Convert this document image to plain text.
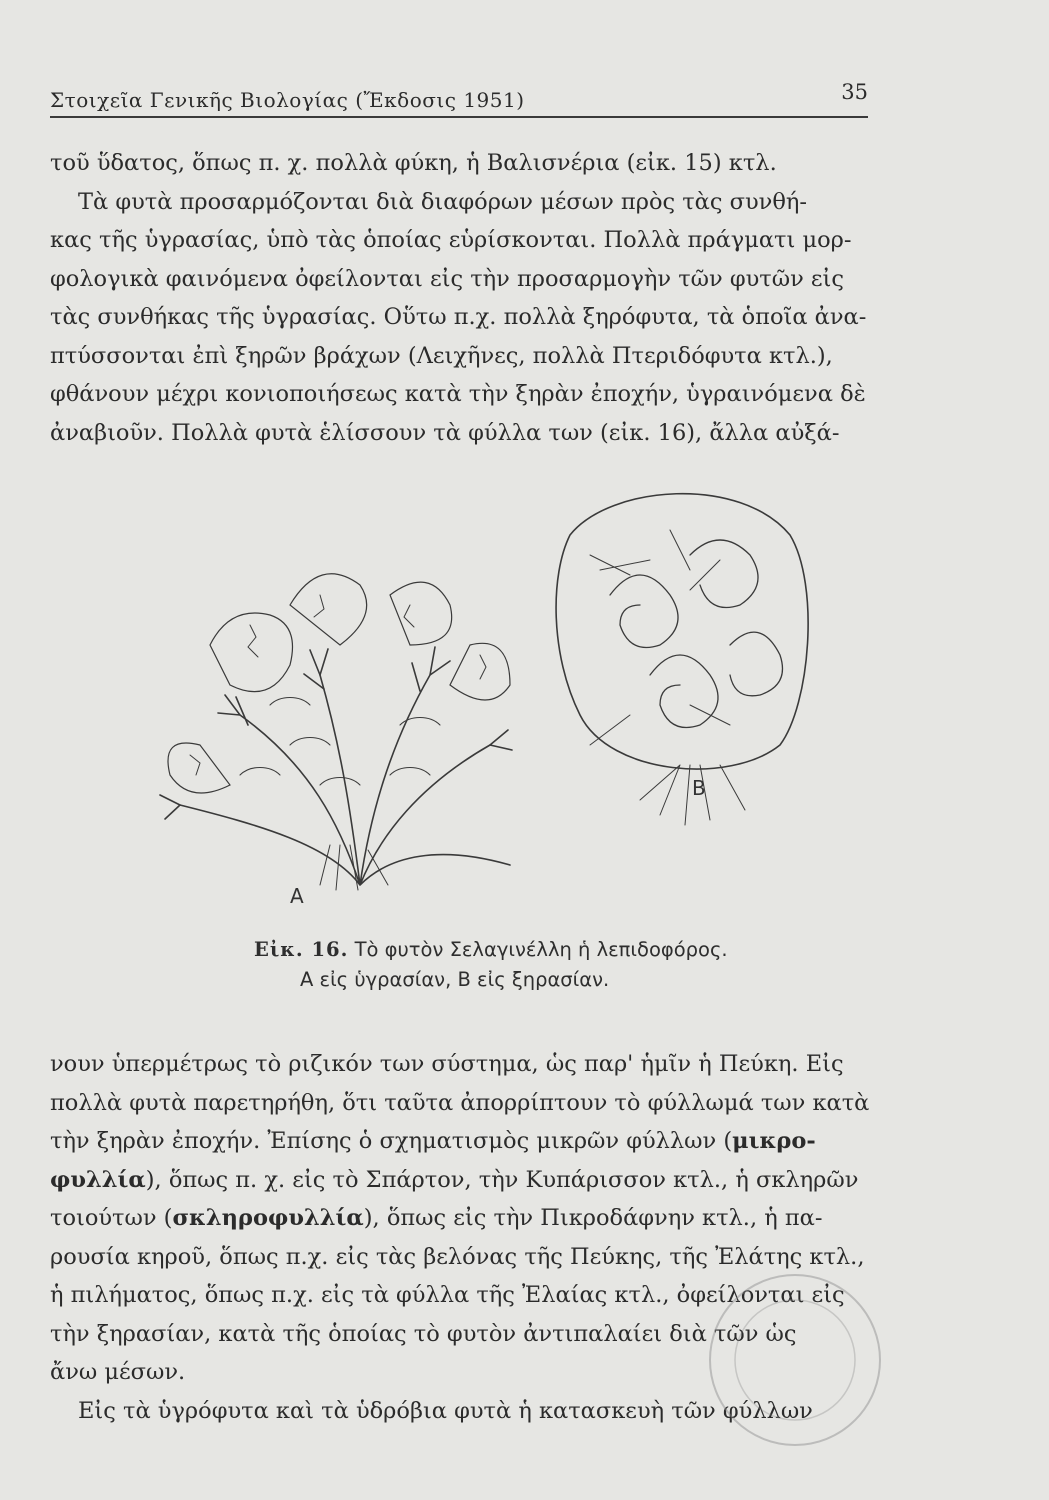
Στοιχεῖα Γενικῆς Βιολογίας (Ἔκδοσις 1951)	35
τοῦ ὕδατος, ὅπως π. χ. πολλὰ φύκη, ἡ Βαλισνέρια (εἰκ. 15) κτλ.
Τὰ φυτὰ προσαρμόζονται διὰ διαφόρων μέσων πρὸς τὰς συνθή-
κας τῆς ὑγρασίας, ὑπὸ τὰς ὁποίας εὑρίσκονται. Πολλὰ πράγματι μορ-
φολογικὰ φαινόμενα ὀφείλονται εἰς τὴν προσαρμογὴν τῶν φυτῶν εἰς
τὰς συνθήκας τῆς ὑγρασίας. Οὕτω π.χ. πολλὰ ξηρόφυτα, τὰ ὁποῖα ἀνα-
πτύσσονται ἐπὶ ξηρῶν βράχων (Λειχῆνες, πολλὰ Πτεριδόφυτα κτλ.),
φθάνουν μέχρι κονιοποιήσεως κατὰ τὴν ξηρὰν ἐποχήν, ὑγραινόμενα δὲ
ἀναβιοῦν. Πολλὰ φυτὰ ἑλίσσουν τὰ φύλλα των (εἰκ. 16), ἄλλα αὐξά-
A
B
Εἰκ. 16. Τὸ φυτὸν Σελαγινέλλη ἡ λεπιδοφόρος.
A εἰς ὑγρασίαν, B εἰς ξηρασίαν.
νουν ὑπερμέτρως τὸ ριζικόν των σύστημα, ὡς παρ' ἡμῖν ἡ Πεύκη. Εἰς
πολλὰ φυτὰ παρετηρήθη, ὅτι ταῦτα ἀπορρίπτουν τὸ φύλλωμά των κατὰ
τὴν ξηρὰν ἐποχήν. Ἐπίσης ὁ σχηματισμὸς μικρῶν φύλλων (μικρο-
φυλλία), ὅπως π. χ. εἰς τὸ Σπάρτον, τὴν Κυπάρισσον κτλ., ἡ σκληρῶν
τοιούτων (σκληροφυλλία), ὅπως εἰς τὴν Πικροδάφνην κτλ., ἡ πα-
ρουσία κηροῦ, ὅπως π.χ. εἰς τὰς βελόνας τῆς Πεύκης, τῆς Ἐλάτης κτλ.,
ἡ πιλήματος, ὅπως π.χ. εἰς τὰ φύλλα τῆς Ἐλαίας κτλ., ὀφείλονται εἰς
τὴν ξηρασίαν, κατὰ τῆς ὁποίας τὸ φυτὸν ἀντιπαλαίει διὰ τῶν ὡς
ἄνω μέσων.
Εἰς τὰ ὑγρόφυτα καὶ τὰ ὑδρόβια φυτὰ ἡ κατασκευὴ τῶν φύλλων
